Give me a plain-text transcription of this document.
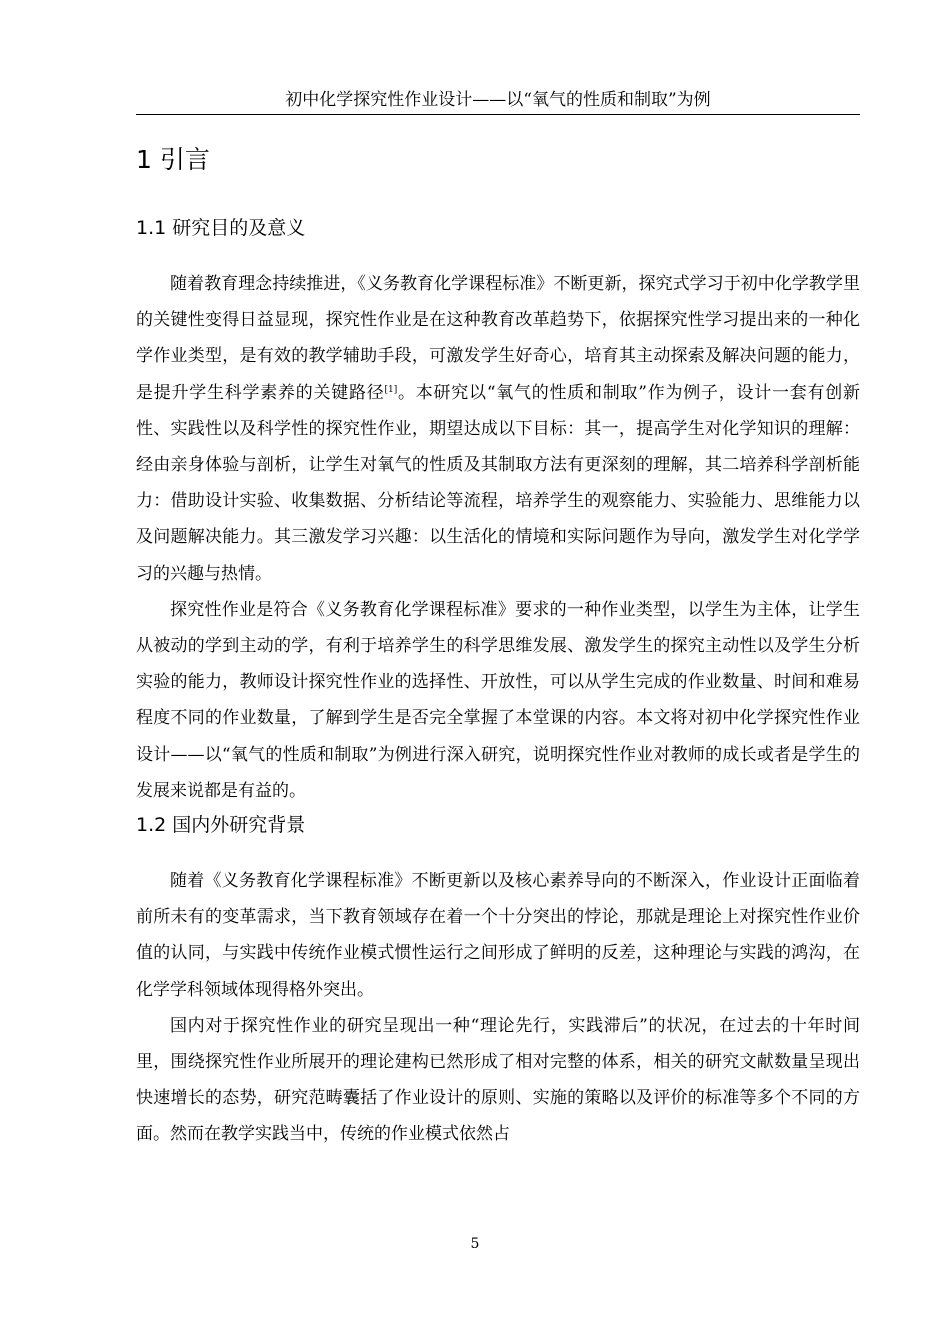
初中化学探究性作业设计——以“氧气的性质和制取”为例
1 引言
1.1 研究目的及意义

随着教育理念持续推进，《义务教育化学课程标准》不断更新，探究式学习于初中化学教学里的关键性变得日益显现，探究性作业是在这种教育改革趋势下，依据探究性学习提出来的一种化学作业类型，是有效的教学辅助手段，可激发学生好奇心，培育其主动探索及解决问题的能力，是提升学生科学素养的关键路径[1]。本研究以“氧气的性质和制取”作为例子，设计一套有创新性、实践性以及科学性的探究性作业，期望达成以下目标：其一，提高学生对化学知识的理解：经由亲身体验与剖析，让学生对氧气的性质及其制取方法有更深刻的理解，其二培养科学剖析能力：借助设计实验、收集数据、分析结论等流程，培养学生的观察能力、实验能力、思维能力以及问题解决能力。其三激发学习兴趣：以生活化的情境和实际问题作为导向，激发学生对化学学习的兴趣与热情。

探究性作业是符合《义务教育化学课程标准》要求的一种作业类型，以学生为主体，让学生从被动的学到主动的学，有利于培养学生的科学思维发展、激发学生的探究主动性以及学生分析实验的能力，教师设计探究性作业的选择性、开放性，可以从学生完成的作业数量、时间和难易程度不同的作业数量，了解到学生是否完全掌握了本堂课的内容。本文将对初中化学探究性作业设计——以“氧气的性质和制取”为例进行深入研究，说明探究性作业对教师的成长或者是学生的发展来说都是有益的。

1.2 国内外研究背景

随着《义务教育化学课程标准》不断更新以及核心素养导向的不断深入，作业设计正面临着前所未有的变革需求，当下教育领域存在着一个十分突出的悖论，那就是理论上对探究性作业价值的认同，与实践中传统作业模式惯性运行之间形成了鲜明的反差，这种理论与实践的鸿沟，在化学学科领域体现得格外突出。

国内对于探究性作业的研究呈现出一种“理论先行，实践滞后”的状况，在过去的十年时间里，围绕探究性作业所展开的理论建构已然形成了相对完整的体系，相关的研究文献数量呈现出快速增长的态势，研究范畴囊括了作业设计的原则、实施的策略以及评价的标准等多个不同的方面。然而在教学实践当中，传统的作业模式依然占

5
